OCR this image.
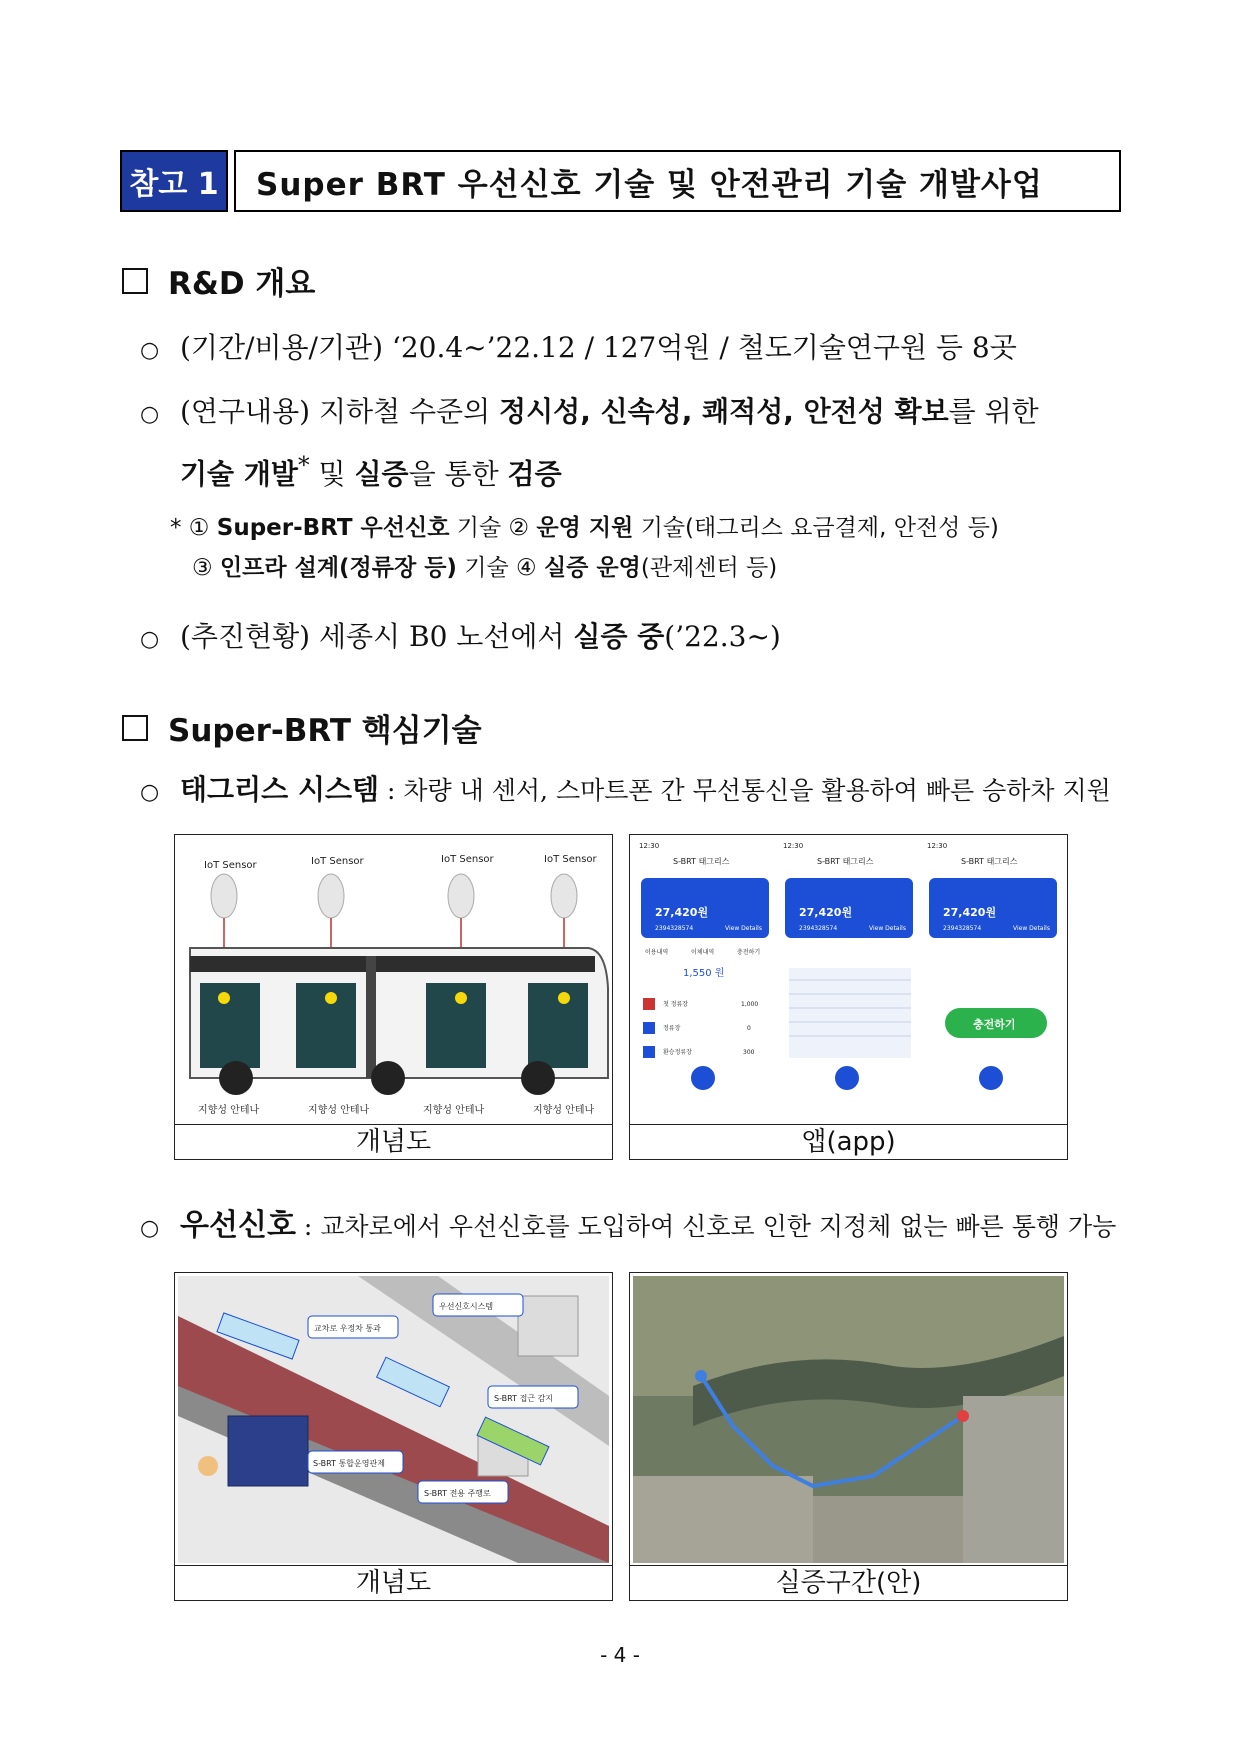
참고 1	Super BRT 우선신호 기술 및 안전관리 기술 개발사업
R&D 개요
○ (기간/비용/기관) ‘20.4~’22.12 / 127억원 / 철도기술연구원 등 8곳
○ (연구내용) 지하철 수준의 정시성, 신속성, 쾌적성, 안전성 확보를 위한
기술 개발* 및 실증을 통한 검증
* ① Super-BRT 우선신호 기술 ② 운영 지원 기술(태그리스 요금결제, 안전성 등)
③ 인프라 설계(정류장 등) 기술 ④ 실증 운영(관제센터 등)
○ (추진현황) 세종시 B0 노선에서 실증 중(’22.3~)
Super-BRT 핵심기술
○ 태그리스 시스템 : 차량 내 센서, 스마트폰 간 무선통신을 활용하여 빠른 승하차 지원
IoT Sensor	IoT Sensor	IoT Sensor	IoT Sensor
지향성 안테나	지향성 안테나	지향성 안테나	지향성 안테나
개념도
12:30
S-BRT 태그리스
27,420원
2394328574	View Details
이용내역	이체내역	충전하기
1,550 원
첫 정류장	1,000
정류장	0
환승정류장	300
12:30
S-BRT 태그리스
27,420원
2394328574	View Details
12:30
S-BRT 태그리스
27,420원
2394328574	View Details
충전하기
앱(app)
○ 우선신호 : 교차로에서 우선신호를 도입하여 신호로 인한 지정체 없는 빠른 통행 가능
교차로 우정차 통과
우선신호시스템
S-BRT 접근 감지
S-BRT 통합운영관제
S-BRT 전용 주행로
개념도	실증구간(안)
- 4 -
